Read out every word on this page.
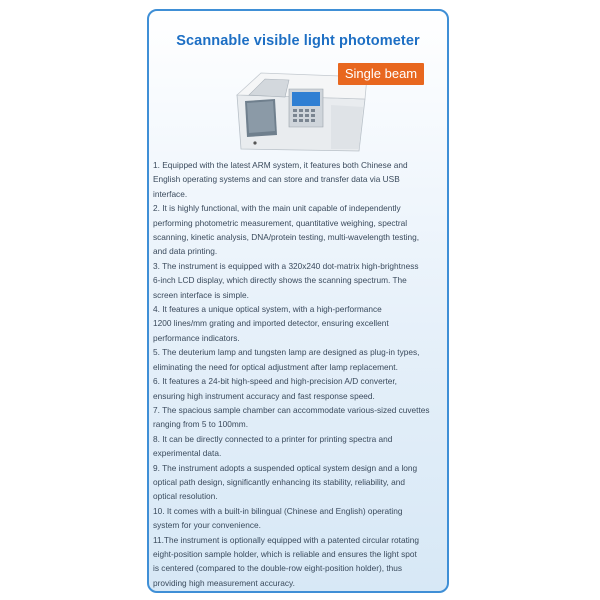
Scannable visible light photometer
Single beam
1. Equipped with the latest ARM system, it features both Chinese and
English operating systems and can store and transfer data via USB
interface.
2. It is highly functional, with the main unit capable of independently
performing photometric measurement, quantitative weighing, spectral
scanning, kinetic analysis, DNA/protein testing, multi-wavelength testing,
and data printing.
3. The instrument is equipped with a 320x240 dot-matrix high-brightness
6-inch LCD display, which directly shows the scanning spectrum. The
screen interface is simple.
4. It features a unique optical system, with a high-performance
1200 lines/mm grating and imported detector, ensuring excellent
performance indicators.
5. The deuterium lamp and tungsten lamp are designed as plug-in types,
eliminating the need for optical adjustment after lamp replacement.
6. It features a 24-bit high-speed and high-precision A/D converter,
ensuring high instrument accuracy and fast response speed.
7. The spacious sample chamber can accommodate various-sized cuvettes
ranging from 5 to 100mm.
8. It can be directly connected to a printer for printing spectra and
experimental data.
9. The instrument adopts a suspended optical system design and a long
optical path design, significantly enhancing its stability, reliability, and
optical resolution.
10. It comes with a built-in bilingual (Chinese and English) operating
system for your convenience.
11.The instrument is optionally equipped with a patented circular rotating
eight-position sample holder, which is reliable and ensures the light spot
is centered (compared to the double-row eight-position holder), thus
providing high measurement accuracy.
